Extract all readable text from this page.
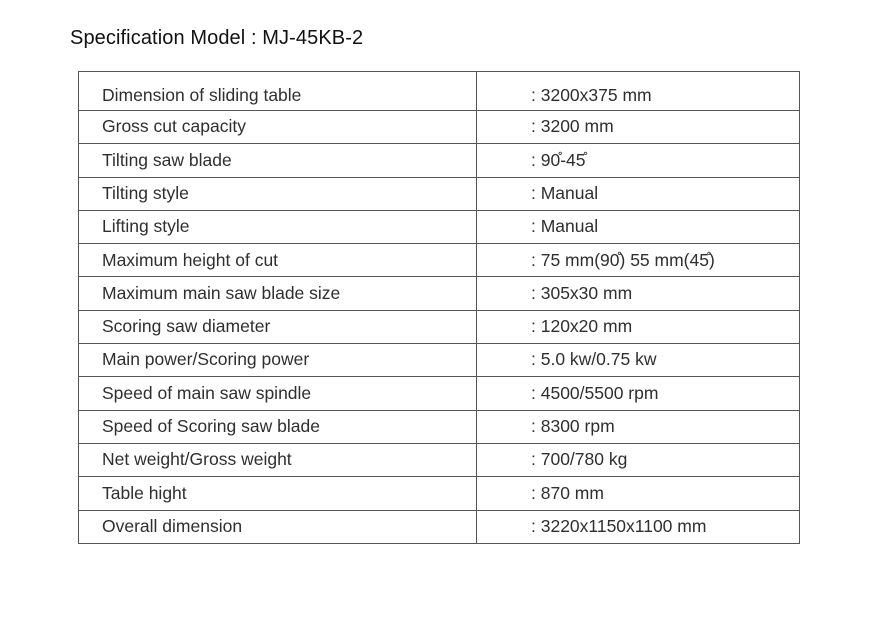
Specification Model : MJ-45KB-2
Dimension of sliding table	: 3200x375 mm
Gross cut capacity	: 3200 mm
Tilting saw blade	: 90̊-45̊
Tilting style	: Manual
Lifting style	: Manual
Maximum height of cut	: 75 mm(90̊) 55 mm(45̊)
Maximum main saw blade size	: 305x30 mm
Scoring saw diameter	: 120x20 mm
Main power/Scoring power	: 5.0 kw/0.75 kw
Speed of main saw spindle	: 4500/5500 rpm
Speed of Scoring saw blade	: 8300 rpm
Net weight/Gross weight	: 700/780 kg
Table hight	: 870 mm
Overall dimension	: 3220x1150x1100 mm
